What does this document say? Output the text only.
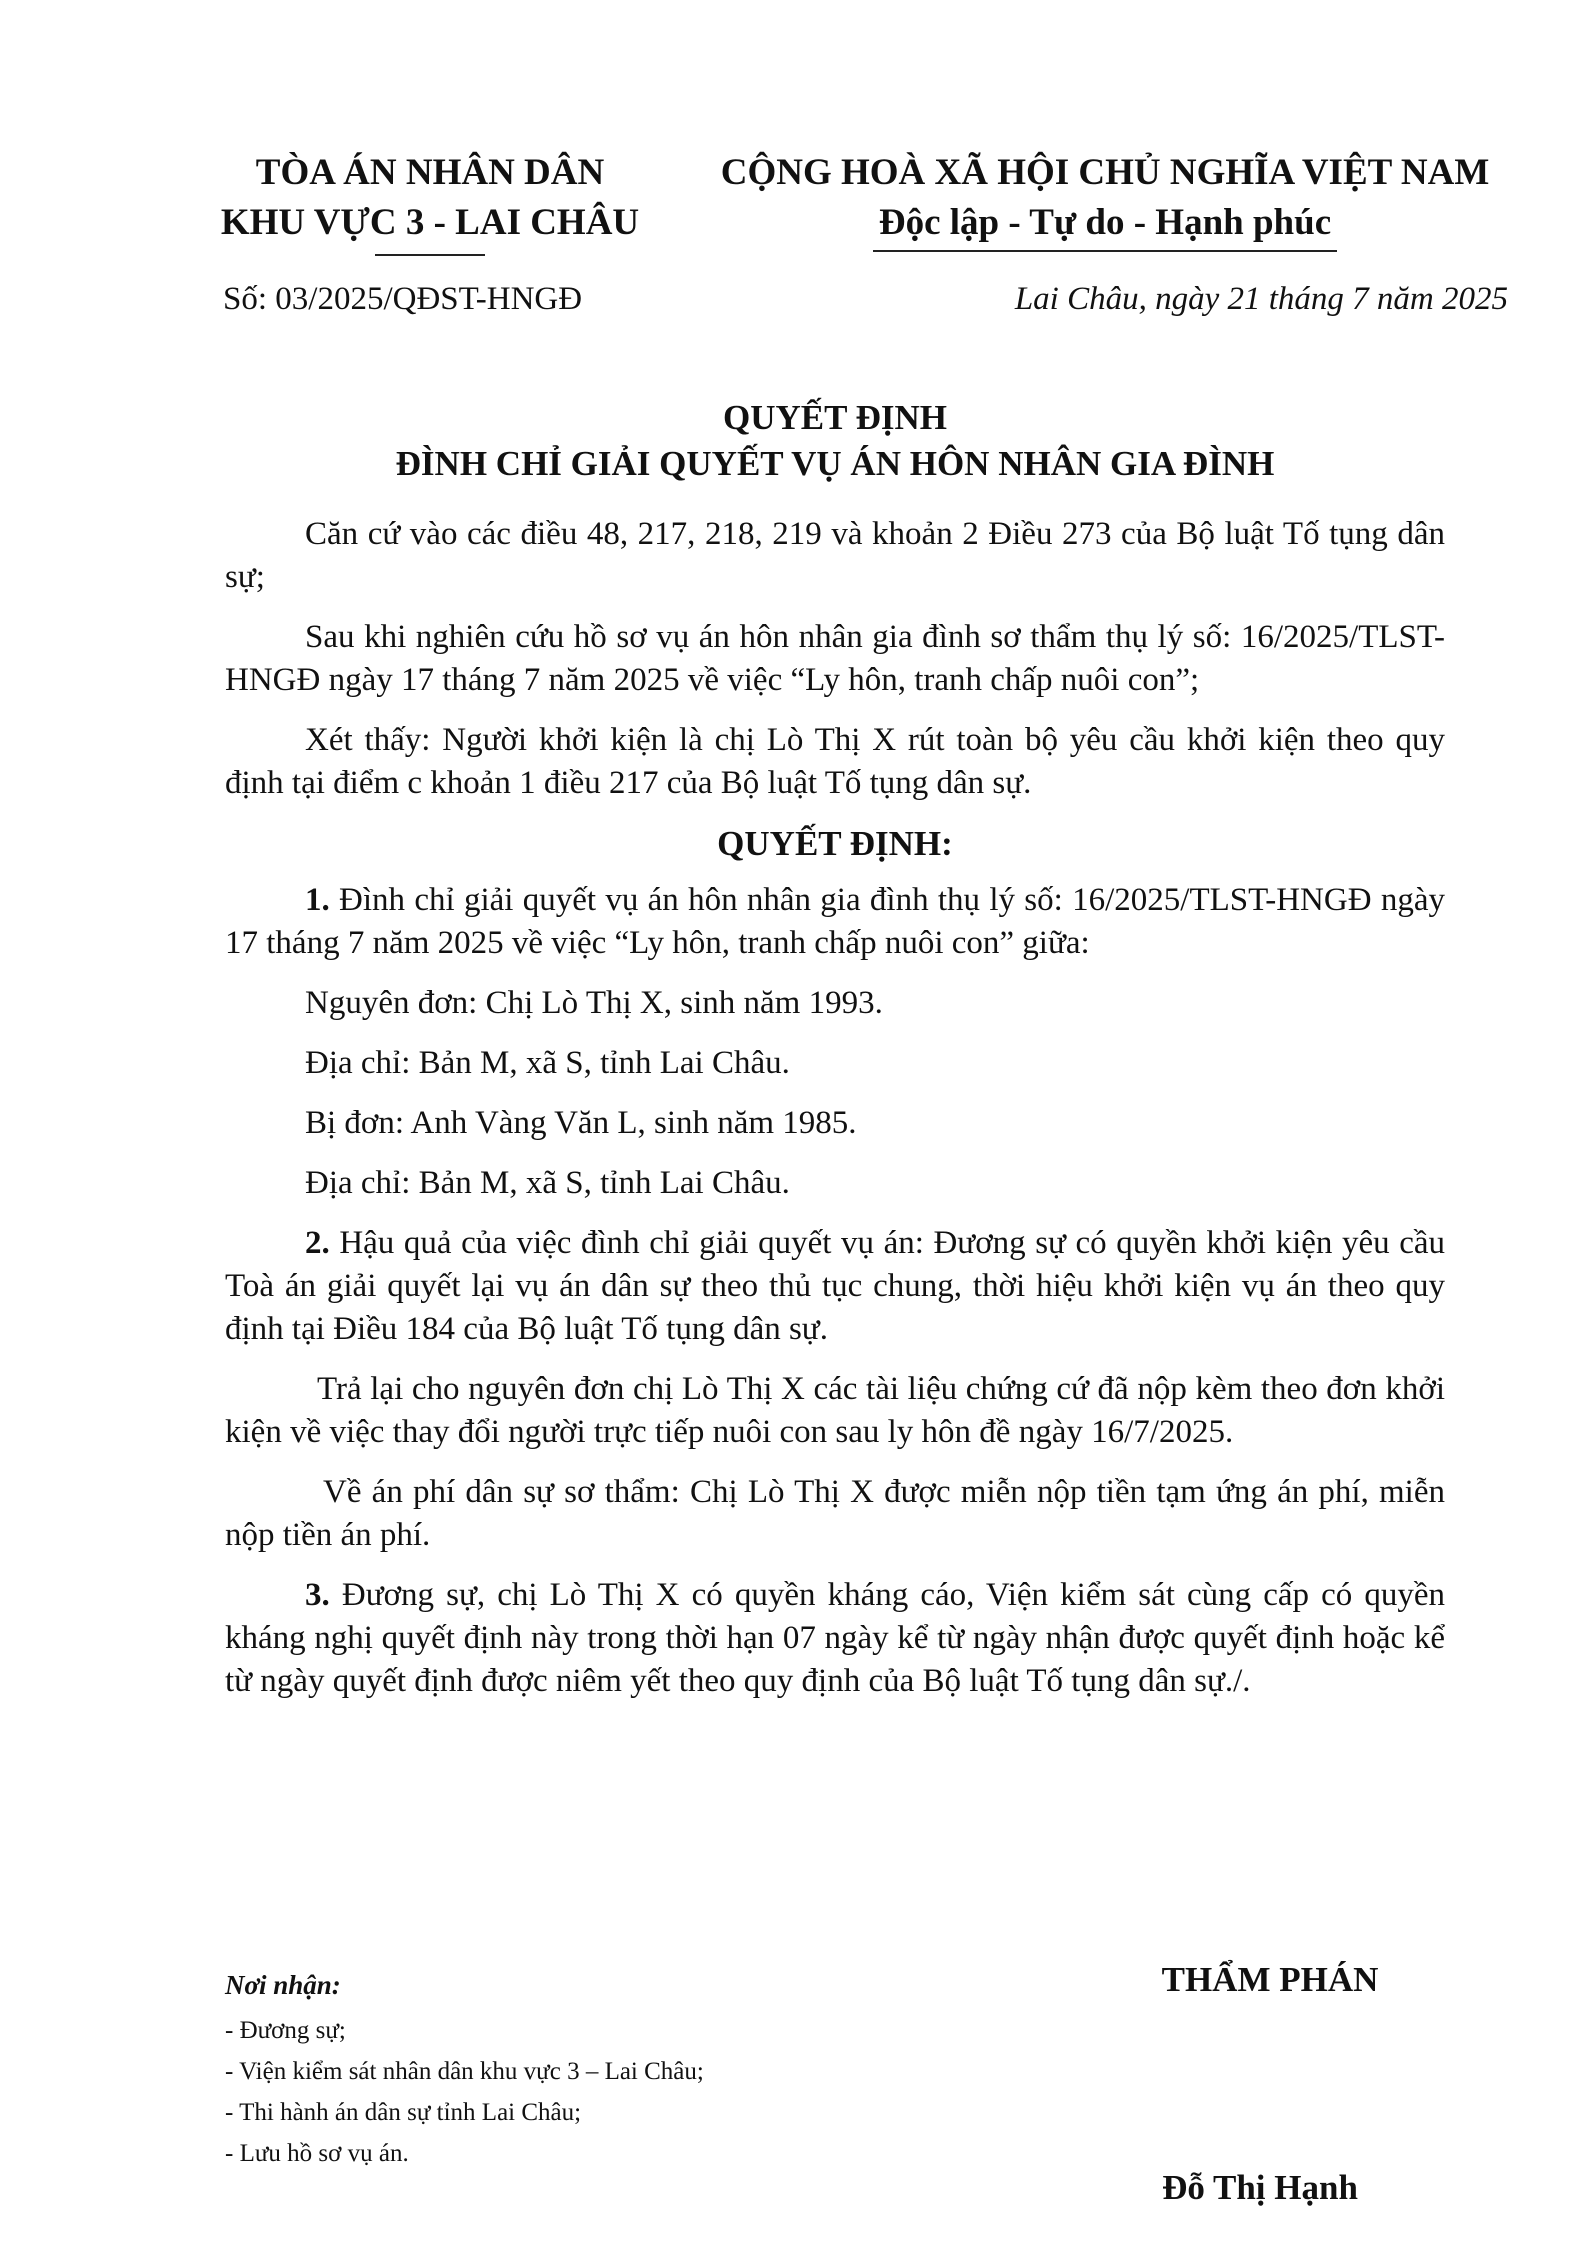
TÒA ÁN NHÂN DÂN
KHU VỰC 3 - LAI CHÂU
CỘNG HOÀ XÃ HỘI CHỦ NGHĨA VIỆT NAM
Độc lập - Tự do - Hạnh phúc
Số: 03/2025/QĐST-HNGĐ	Lai Châu, ngày 21 tháng 7 năm 2025
QUYẾT ĐỊNH
ĐÌNH CHỈ GIẢI QUYẾT VỤ ÁN HÔN NHÂN GIA ĐÌNH

Căn cứ vào các điều 48, 217, 218, 219 và khoản 2 Điều 273 của Bộ luật Tố tụng dân sự;

Sau khi nghiên cứu hồ sơ vụ án hôn nhân gia đình sơ thẩm thụ lý số: 16/2025/TLST-HNGĐ ngày 17 tháng 7 năm 2025 về việc “Ly hôn, tranh chấp nuôi con”;

Xét thấy: Người khởi kiện là chị Lò Thị X rút toàn bộ yêu cầu khởi kiện theo quy định tại điểm c khoản 1 điều 217 của Bộ luật Tố tụng dân sự.

QUYẾT ĐỊNH:

1. Đình chỉ giải quyết vụ án hôn nhân gia đình thụ lý số: 16/2025/TLST-HNGĐ ngày 17 tháng 7 năm 2025 về việc “Ly hôn, tranh chấp nuôi con” giữa:

Nguyên đơn: Chị Lò Thị X, sinh năm 1993.

Địa chỉ: Bản M, xã S, tỉnh Lai Châu.

Bị đơn: Anh Vàng Văn L, sinh năm 1985.

Địa chỉ: Bản M, xã S, tỉnh Lai Châu.

2. Hậu quả của việc đình chỉ giải quyết vụ án: Đương sự có quyền khởi kiện yêu cầu Toà án giải quyết lại vụ án dân sự theo thủ tục chung, thời hiệu khởi kiện vụ án theo quy định tại Điều 184 của Bộ luật Tố tụng dân sự.

Trả lại cho nguyên đơn chị Lò Thị X các tài liệu chứng cứ đã nộp kèm theo đơn khởi kiện về việc thay đổi người trực tiếp nuôi con sau ly hôn đề ngày 16/7/2025.

Về án phí dân sự sơ thẩm: Chị Lò Thị X được miễn nộp tiền tạm ứng án phí, miễn nộp tiền án phí.

3. Đương sự, chị Lò Thị X có quyền kháng cáo, Viện kiểm sát cùng cấp có quyền kháng nghị quyết định này trong thời hạn 07 ngày kể từ ngày nhận được quyết định hoặc kể từ ngày quyết định được niêm yết theo quy định của Bộ luật Tố tụng dân sự./.

Nơi nhận:
- Đương sự;
- Viện kiểm sát nhân dân khu vực 3 – Lai Châu;
- Thi hành án dân sự tỉnh Lai Châu;
- Lưu hồ sơ vụ án.
THẨM PHÁN
Đỗ Thị Hạnh
